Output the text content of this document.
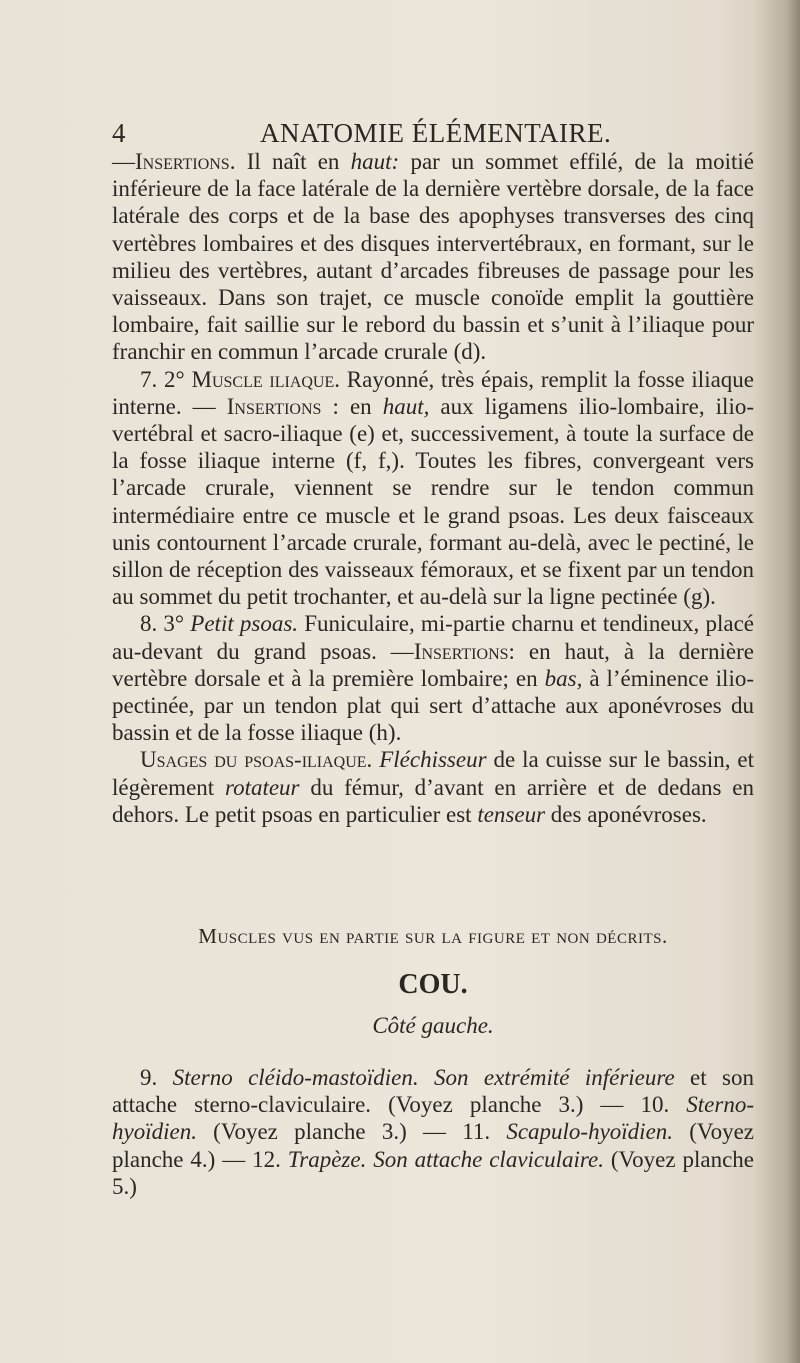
4	ANATOMIE ÉLÉMENTAIRE.

—Insertions. Il naît en haut: par un sommet effilé, de la moitié inférieure de la face latérale de la dernière vertèbre dorsale, de la face latérale des corps et de la base des apophyses transverses des cinq vertèbres lombaires et des disques intervertébraux, en formant, sur le milieu des vertèbres, autant d’arcades fibreuses de passage pour les vaisseaux. Dans son trajet, ce muscle conoïde emplit la gouttière lombaire, fait saillie sur le rebord du bassin et s’unit à l’iliaque pour franchir en commun l’arcade crurale (d).

7. 2° Muscle iliaque. Rayonné, très épais, remplit la fosse iliaque interne. — Insertions : en haut, aux ligamens ilio-lombaire, ilio-vertébral et sacro-iliaque (e) et, successivement, à toute la surface de la fosse iliaque interne (f, f,). Toutes les fibres, convergeant vers l’arcade crurale, viennent se rendre sur le tendon commun intermédiaire entre ce muscle et le grand psoas. Les deux faisceaux unis contournent l’arcade crurale, formant au-delà, avec le pectiné, le sillon de réception des vaisseaux fémoraux, et se fixent par un tendon au sommet du petit trochanter, et au-delà sur la ligne pectinée (g).

8. 3° Petit psoas. Funiculaire, mi-partie charnu et tendineux, placé au-devant du grand psoas. —Insertions: en haut, à la dernière vertèbre dorsale et à la première lombaire; en bas, à l’éminence ilio-pectinée, par un tendon plat qui sert d’attache aux aponévroses du bassin et de la fosse iliaque (h).

Usages du psoas-iliaque. Fléchisseur de la cuisse sur le bassin, et légèrement rotateur du fémur, d’avant en arrière et de dedans en dehors. Le petit psoas en particulier est tenseur des aponévroses.

Muscles vus en partie sur la figure et non décrits.
COU.
Côté gauche.

9. Sterno cléido-mastoïdien. Son extrémité inférieure et son attache sterno-claviculaire. (Voyez planche 3.) — 10. Sterno-hyoïdien. (Voyez planche 3.) — 11. Scapulo-hyoïdien. (Voyez planche 4.) — 12. Trapèze. Son attache claviculaire. (Voyez planche 5.)
